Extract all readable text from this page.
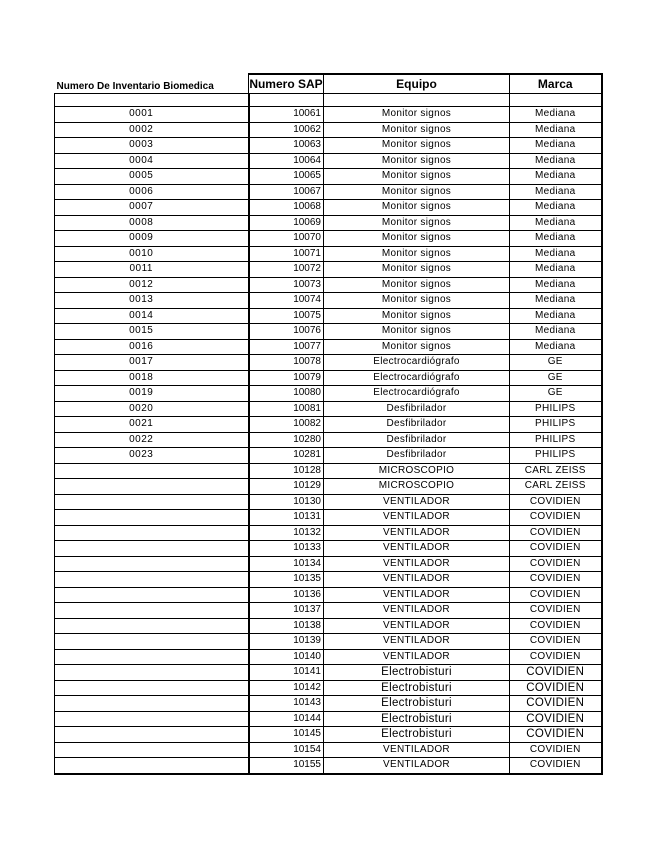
Numero De Inventario Biomedica	Numero SAP	Equipo	Marca

0001	10061	Monitor signos	Mediana
0002	10062	Monitor signos	Mediana
0003	10063	Monitor signos	Mediana
0004	10064	Monitor signos	Mediana
0005	10065	Monitor signos	Mediana
0006	10067	Monitor signos	Mediana
0007	10068	Monitor signos	Mediana
0008	10069	Monitor signos	Mediana
0009	10070	Monitor signos	Mediana
0010	10071	Monitor signos	Mediana
0011	10072	Monitor signos	Mediana
0012	10073	Monitor signos	Mediana
0013	10074	Monitor signos	Mediana
0014	10075	Monitor signos	Mediana
0015	10076	Monitor signos	Mediana
0016	10077	Monitor signos	Mediana
0017	10078	Electrocardiógrafo	GE
0018	10079	Electrocardiógrafo	GE
0019	10080	Electrocardiógrafo	GE
0020	10081	Desfibrilador	PHILIPS
0021	10082	Desfibrilador	PHILIPS
0022	10280	Desfibrilador	PHILIPS
0023	10281	Desfibrilador	PHILIPS
	10128	MICROSCOPIO	CARL ZEISS
	10129	MICROSCOPIO	CARL ZEISS
	10130	VENTILADOR	COVIDIEN
	10131	VENTILADOR	COVIDIEN
	10132	VENTILADOR	COVIDIEN
	10133	VENTILADOR	COVIDIEN
	10134	VENTILADOR	COVIDIEN
	10135	VENTILADOR	COVIDIEN
	10136	VENTILADOR	COVIDIEN
	10137	VENTILADOR	COVIDIEN
	10138	VENTILADOR	COVIDIEN
	10139	VENTILADOR	COVIDIEN
	10140	VENTILADOR	COVIDIEN
	10141	Electrobisturi	COVIDIEN
	10142	Electrobisturi	COVIDIEN
	10143	Electrobisturi	COVIDIEN
	10144	Electrobisturi	COVIDIEN
	10145	Electrobisturi	COVIDIEN
	10154	VENTILADOR	COVIDIEN
	10155	VENTILADOR	COVIDIEN
